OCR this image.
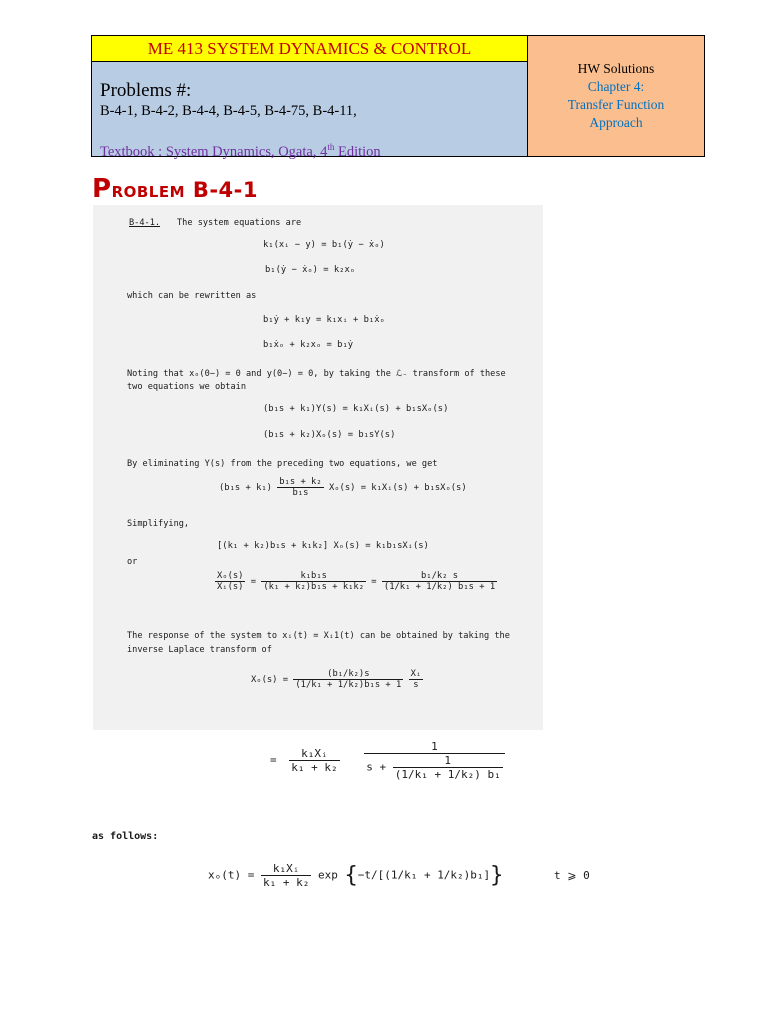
ME 413 SYSTEM DYNAMICS & CONTROL
Problems #:
B-4-1, B-4-2, B-4-4, B-4-5, B-4-75, B-4-11,
Textbook : System Dynamics, Ogata, 4th Edition
HW Solutions
Chapter 4:
Transfer Function
Approach
Problem B-4-1
B-4-1. The system equations are
k₁(xᵢ − y) = b₁(ẏ − ẋₒ)
b₁(ẏ − ẋₒ) = k₂xₒ
which can be rewritten as
b₁ẏ + k₁y = k₁xᵢ + b₁ẋₒ
b₁ẋₒ + k₂xₒ = b₁ẏ
Noting that xₒ(0−) = 0 and y(0−) = 0, by taking the ℒ₋ transform of these
two equations we obtain
(b₁s + k₁)Y(s) = k₁Xᵢ(s) + b₁sXₒ(s)
(b₁s + k₂)Xₒ(s) = b₁sY(s)
By eliminating Y(s) from the preceding two equations, we get
$(b_1s + k_1) \frac{\text{b₁s + k₂}}{\text{b₁s}} X_o(s)$ = k₁Xᵢ(s) + b₁sXₒ(s)
Simplifying,
[(k₁ + k₂)b₁s + k₁k₂] Xₒ(s) = k₁b₁sXᵢ(s)
or
$\frac{\text{Xₒ(s)}}{\text{Xᵢ(s)}} = \frac{\text{k₁b₁s}}{\text{(k₁ + k₂)b₁s + k₁k₂}} = \frac{\text{b₁/k₂ s}}{\text{(1/k₁ + 1/k₂) b₁s + 1}}$
The response of the system to xᵢ(t) = Xᵢ1(t) can be obtained by taking the
inverse Laplace transform of
$X_o(s) = \frac{\text{(b₁/k₂)s}}{\text{(1/k₁ + 1/k₂)b₁s + 1}}$
$\frac{\text{Xᵢ}}{s}$
= $\frac{\text{k₁Xᵢ}}{\text{k₁ + k₂}}$
$\frac{1}{s + \frac{1}{\text{(1/k₁ + 1/k₂) b₁}}}$
as follows:
$x_o(t) = \frac{\text{k₁Xᵢ}}{\text{k₁ + k₂}}$ exp {−t/[(1/k₁ + 1/k₂)b₁]}	t ⩾ 0
